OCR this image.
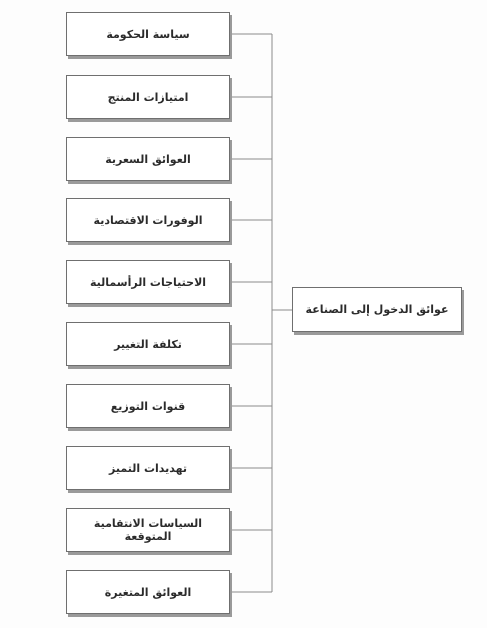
سياسة الحكومة
امتيازات المنتج
العوائق السعرية
الوفورات الاقتصادية
الاحتياجات الرأسمالية
تكلفة التغيير
قنوات التوزيع
تهديدات التميز
السياسات الانتقامية المتوقعة
العوائق المتغيرة
عوائق الدخول إلى الصناعة
